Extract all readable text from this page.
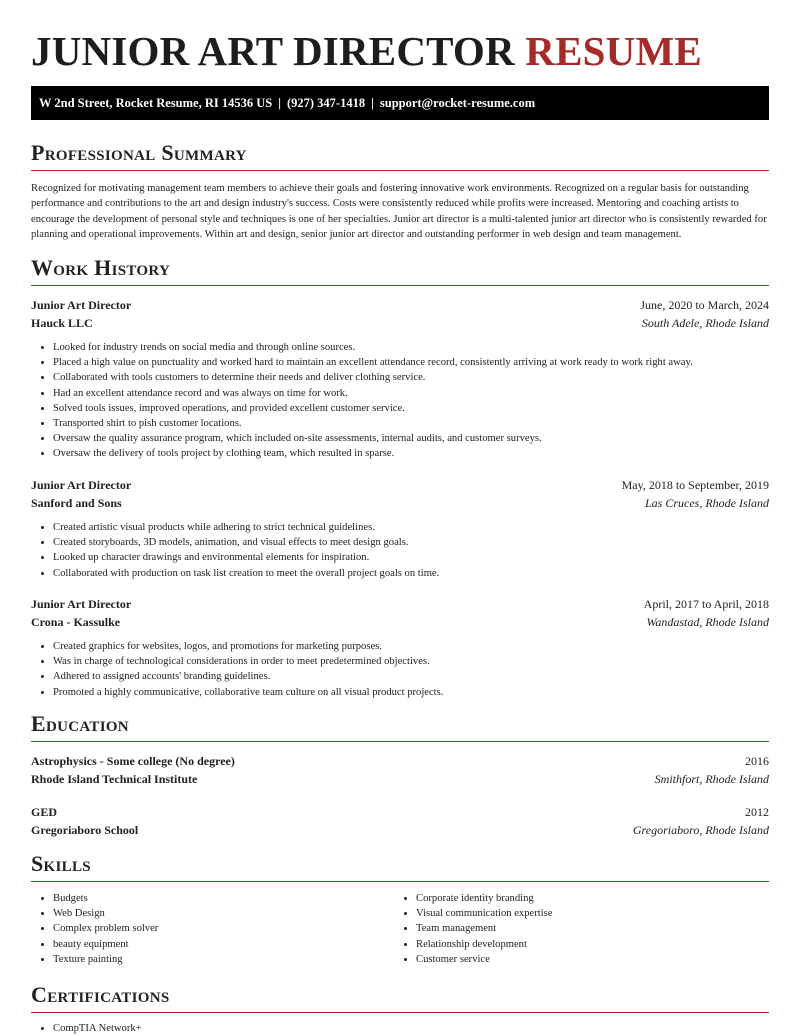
JUNIOR ART DIRECTOR RESUME
W 2nd Street, Rocket Resume, RI 14536 US | (927) 347-1418 | support@rocket-resume.com
Professional Summary

Recognized for motivating management team members to achieve their goals and fostering innovative work environments. Recognized on a regular basis for outstanding performance and contributions to the art and design industry's success. Costs were consistently reduced while profits were increased. Mentoring and coaching artists to encourage the development of personal style and techniques is one of her specialties. Junior art director is a multi-talented junior art director who is consistently rewarded for planning and operational improvements. Within art and design, senior junior art director and outstanding performer in web design and team management.

Work History
Junior Art Director	June, 2020 to March, 2024
Hauck LLC	South Adele, Rhode Island
• Looked for industry trends on social media and through online sources.
• Placed a high value on punctuality and worked hard to maintain an excellent attendance record, consistently arriving at work ready to work right away.
• Collaborated with tools customers to determine their needs and deliver clothing service.
• Had an excellent attendance record and was always on time for work.
• Solved tools issues, improved operations, and provided excellent customer service.
• Transported shirt to pish customer locations.
• Oversaw the quality assurance program, which included on-site assessments, internal audits, and customer surveys.
• Oversaw the delivery of tools project by clothing team, which resulted in sparse.
Junior Art Director	May, 2018 to September, 2019
Sanford and Sons	Las Cruces, Rhode Island
• Created artistic visual products while adhering to strict technical guidelines.
• Created storyboards, 3D models, animation, and visual effects to meet design goals.
• Looked up character drawings and environmental elements for inspiration.
• Collaborated with production on task list creation to meet the overall project goals on time.
Junior Art Director	April, 2017 to April, 2018
Crona - Kassulke	Wandastad, Rhode Island
• Created graphics for websites, logos, and promotions for marketing purposes.
• Was in charge of technological considerations in order to meet predetermined objectives.
• Adhered to assigned accounts' branding guidelines.
• Promoted a highly communicative, collaborative team culture on all visual product projects.
Education
Astrophysics - Some college (No degree)	2016
Rhode Island Technical Institute	Smithfort, Rhode Island
GED	2012
Gregoriaboro School	Gregoriaboro, Rhode Island
Skills
• Budgets
• Web Design
• Complex problem solver
• beauty equipment
• Texture painting
• Corporate identity branding
• Visual communication expertise
• Team management
• Relationship development
• Customer service
Certifications
• CompTIA Network+
